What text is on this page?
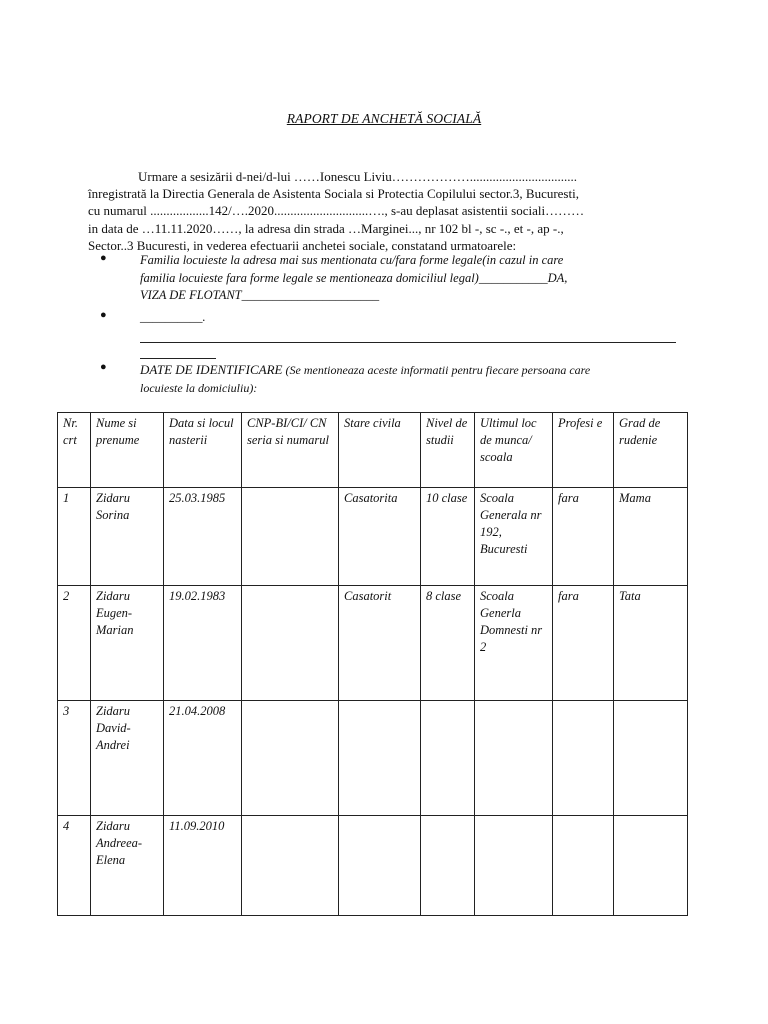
RAPORT DE ANCHETĂ SOCIALĂ
Urmare a sesizării d-nei/d-lui ……Ionescu Liviu……………….................................
înregistrată la Directia Generala de Asistenta Sociala si Protectia Copilului sector.3, Bucuresti,
cu numarul ..................142/….2020.............................…., s-au deplasat asistentii sociali………
in data de …11.11.2020……, la adresa din strada …Marginei..., nr 102 bl -, sc -., et -, ap -.,
Sector..3 Bucuresti, in vederea efectuarii anchetei sociale, constatand urmatoarele:
●	Familia locuieste la adresa mai sus mentionata cu/fara forme legale(in cazul in care
familia locuieste fara forme legale se mentioneaza domiciliul legal)___________DA,
VIZA DE FLOTANT______________________
●	__________.
●	DATE DE IDENTIFICARE (Se mentioneaza aceste informatii pentru fiecare persoana care
locuieste la domiciuliu):
Nr. crt	Nume si prenume	Data si locul nasterii	CNP-BI/CI/ CN seria si numarul	Stare civila	Nivel de studii	Ultimul loc de munca/ scoala	Profesi e	Grad de rudenie
1	Zidaru Sorina	25.03.1985		Casatorita	10 clase	Scoala Generala nr 192, Bucuresti	fara	Mama
2	Zidaru Eugen-Marian	19.02.1983		Casatorit	8 clase	Scoala Generla Domnesti nr 2	fara	Tata
3	Zidaru David-Andrei	21.04.2008						
4	Zidaru Andreea-Elena	11.09.2010						
